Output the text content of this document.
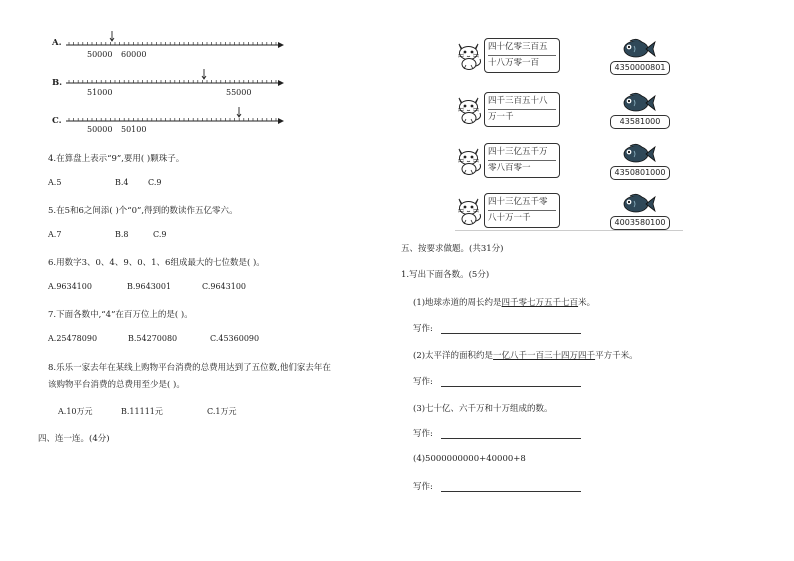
A.
50000 60000
B.
51000	55000
C.
50000 50100
4.在算盘上表示“9”,要用( )颗珠子。
A.5	B.4 C.9
5.在5和6之间添( )个“0”,得到的数读作五亿零六。
A.7	B.8	C.9
6.用数字3、0、4、9、0、1、6组成最大的七位数是( )。
A.9634100	B.9643001	C.9643100
7.下面各数中,“4”在百万位上的是( )。
A.25478090	B.54270080	C.45360090
8.乐乐一家去年在某线上购物平台消费的总费用达到了五位数,他们家去年在
该购物平台消费的总费用至少是( )。
A.10万元	B.11111元	C.1万元
四、连一连。(4分)
四十亿零三百五
十八万零一百	4350000801
四千三百五十八
万一千	43581000
四十三亿五千万
零八百零一	4350801000
四十三亿五千零
八十万一千	4003580100
五、按要求做题。(共31分)
1.写出下面各数。(5分)
(1)地球赤道的周长约是四千零七万五千七百米。
写作:
(2)太平洋的面积约是一亿八千一百三十四万四千平方千米。
写作:
(3)七十亿、六千万和十万组成的数。
写作:
(4)5000000000+40000+8
写作:
